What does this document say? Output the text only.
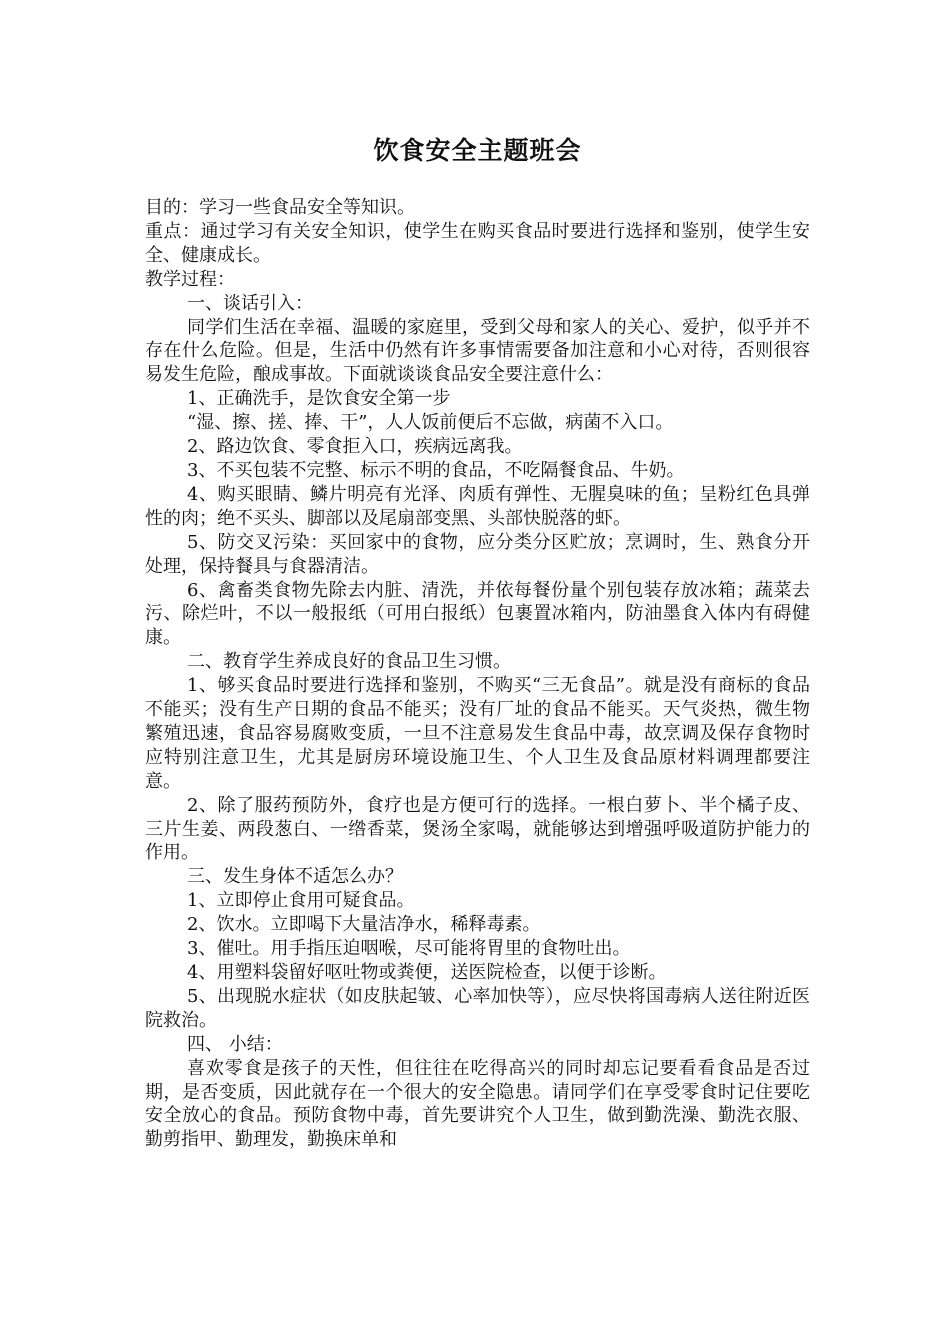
饮食安全主题班会

目的：学习一些食品安全等知识。

重点：通过学习有关安全知识，使学生在购买食品时要进行选择和鉴别，使学生安全、健康成长。

教学过程：

一、谈话引入：

同学们生活在幸福、温暖的家庭里，受到父母和家人的关心、爱护，似乎并不存在什么危险。但是，生活中仍然有许多事情需要备加注意和小心对待，否则很容易发生危险，酿成事故。下面就谈谈食品安全要注意什么：

1、正确洗手，是饮食安全第一步

“湿、擦、搓、捧、干”，人人饭前便后不忘做，病菌不入口。

2、路边饮食、零食拒入口，疾病远离我。

3、不买包装不完整、标示不明的食品，不吃隔餐食品、牛奶。

4、购买眼睛、鳞片明亮有光泽、肉质有弹性、无腥臭味的鱼；呈粉红色具弹性的肉；绝不买头、脚部以及尾扇部变黑、头部快脱落的虾。

5、防交叉污染：买回家中的食物，应分类分区贮放；烹调时，生、熟食分开处理，保持餐具与食器清洁。

6、禽畜类食物先除去内脏、清洗，并依每餐份量个别包装存放冰箱；蔬菜去污、除烂叶，不以一般报纸（可用白报纸）包裹置冰箱内，防油墨食入体内有碍健康。

二、教育学生养成良好的食品卫生习惯。

1、够买食品时要进行选择和鉴别，不购买“三无食品”。就是没有商标的食品不能买；没有生产日期的食品不能买；没有厂址的食品不能买。天气炎热，微生物繁殖迅速，食品容易腐败变质，一旦不注意易发生食品中毒，故烹调及保存食物时应特别注意卫生，尤其是厨房环境设施卫生、个人卫生及食品原材料调理都要注意。

2、除了服药预防外，食疗也是方便可行的选择。一根白萝卜、半个橘子皮、三片生姜、两段葱白、一绺香菜，煲汤全家喝，就能够达到增强呼吸道防护能力的作用。

三、发生身体不适怎么办？

1、立即停止食用可疑食品。

2、饮水。立即喝下大量洁净水，稀释毒素。

3、催吐。用手指压迫咽喉，尽可能将胃里的食物吐出。

4、用塑料袋留好呕吐物或粪便，送医院检查，以便于诊断。

5、出现脱水症状（如皮肤起皱、心率加快等），应尽快将国毒病人送往附近医院救治。

四、 小结：

喜欢零食是孩子的天性，但往往在吃得高兴的同时却忘记要看看食品是否过期，是否变质，因此就存在一个很大的安全隐患。请同学们在享受零食时记住要吃安全放心的食品。预防食物中毒，首先要讲究个人卫生，做到勤洗澡、勤洗衣服、勤剪指甲、勤理发，勤换床单和
